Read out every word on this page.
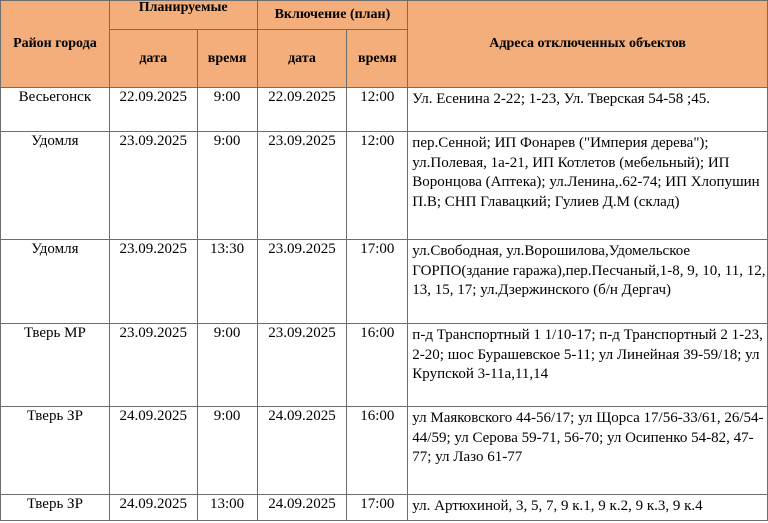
Район города	Планируемые		Включение (план)		Адреса отключенных объектов
	дата	время	дата	время	
Весьегонск	22.09.2025	9:00	22.09.2025	12:00	Ул. Есенина 2-22; 1-23, Ул. Тверская 54-58 ;45.
Удомля	23.09.2025	9:00	23.09.2025	12:00	пер.Сенной; ИП Фонарев ("Империя дерева"); ул.Полевая, 1а-21, ИП Котлетов (мебельный); ИП Воронцова (Аптека); ул.Ленина,.62-74; ИП Хлопушин П.В; СНП Главацкий; Гулиев Д.М (склад)
Удомля	23.09.2025	13:30	23.09.2025	17:00	ул.Свободная, ул.Ворошилова,Удомельское ГОРПО(здание гаража),пер.Песчаный,1-8, 9, 10, 11, 12, 13, 15, 17; ул.Дзержинского (б/н Дергач)
Тверь МР	23.09.2025	9:00	23.09.2025	16:00	п-д Транспортный 1 1/10-17; п-д Транспортный 2 1-23, 2-20; шос Бурашевское 5-11; ул Линейная 39-59/18; ул Крупской 3-11а,11,14
Тверь ЗР	24.09.2025	9:00	24.09.2025	16:00	ул Маяковского 44-56/17; ул Щорса 17/56-33/61, 26/54-44/59; ул Серова 59-71, 56-70; ул Осипенко 54-82, 47-77; ул Лазо 61-77
Тверь ЗР	24.09.2025	13:00	24.09.2025	17:00	ул. Артюхиной, 3, 5, 7, 9 к.1, 9 к.2, 9 к.3, 9 к.4
